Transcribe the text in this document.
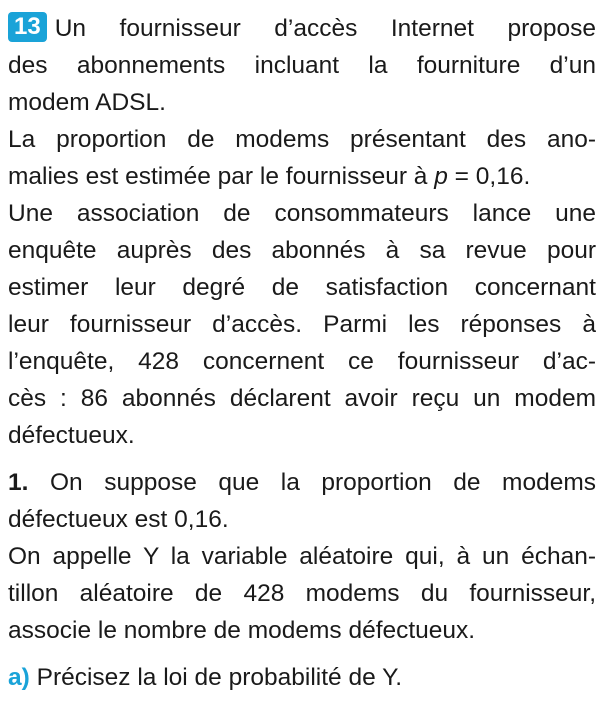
13 Un fournisseur d’accès Internet propose
des abonnements incluant la fourniture d’un
modem ADSL.
La proportion de modems présentant des ano-
malies est estimée par le fournisseur à p = 0,16.
Une association de consommateurs lance une
enquête auprès des abonnés à sa revue pour
estimer leur degré de satisfaction concernant
leur fournisseur d’accès. Parmi les réponses à
l’enquête, 428 concernent ce fournisseur d’ac-
cès : 86 abonnés déclarent avoir reçu un modem
défectueux.
1. On suppose que la proportion de modems
défectueux est 0,16.
On appelle Y la variable aléatoire qui, à un échan-
tillon aléatoire de 428 modems du fournisseur,
associe le nombre de modems défectueux.
a) Précisez la loi de probabilité de Y.
